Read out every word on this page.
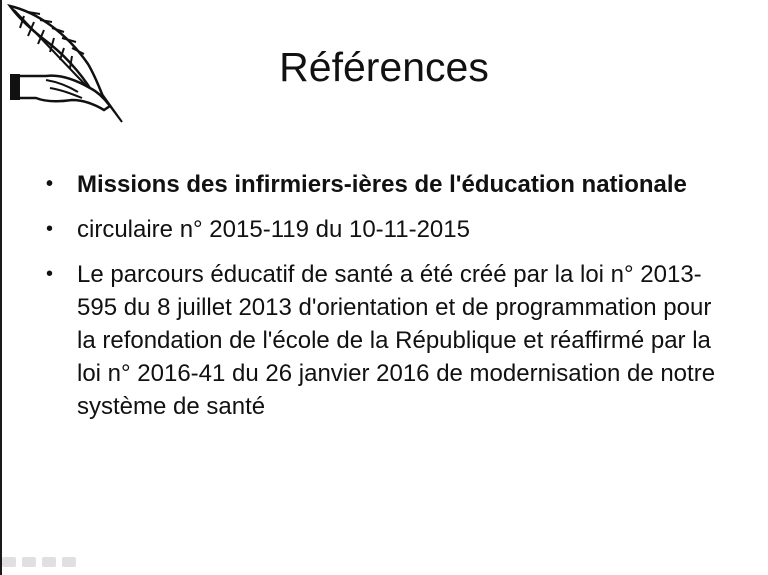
Références
• Missions des infirmiers-ières de l'éducation nationale
• circulaire n° 2015-119 du 10-11-2015
• Le parcours éducatif de santé a été créé par la loi n° 2013-595 du 8 juillet 2013 d'orientation et de programmation pour la refondation de l'école de la République et réaffirmé par la loi n° 2016-41 du 26 janvier 2016 de modernisation de notre système de santé
